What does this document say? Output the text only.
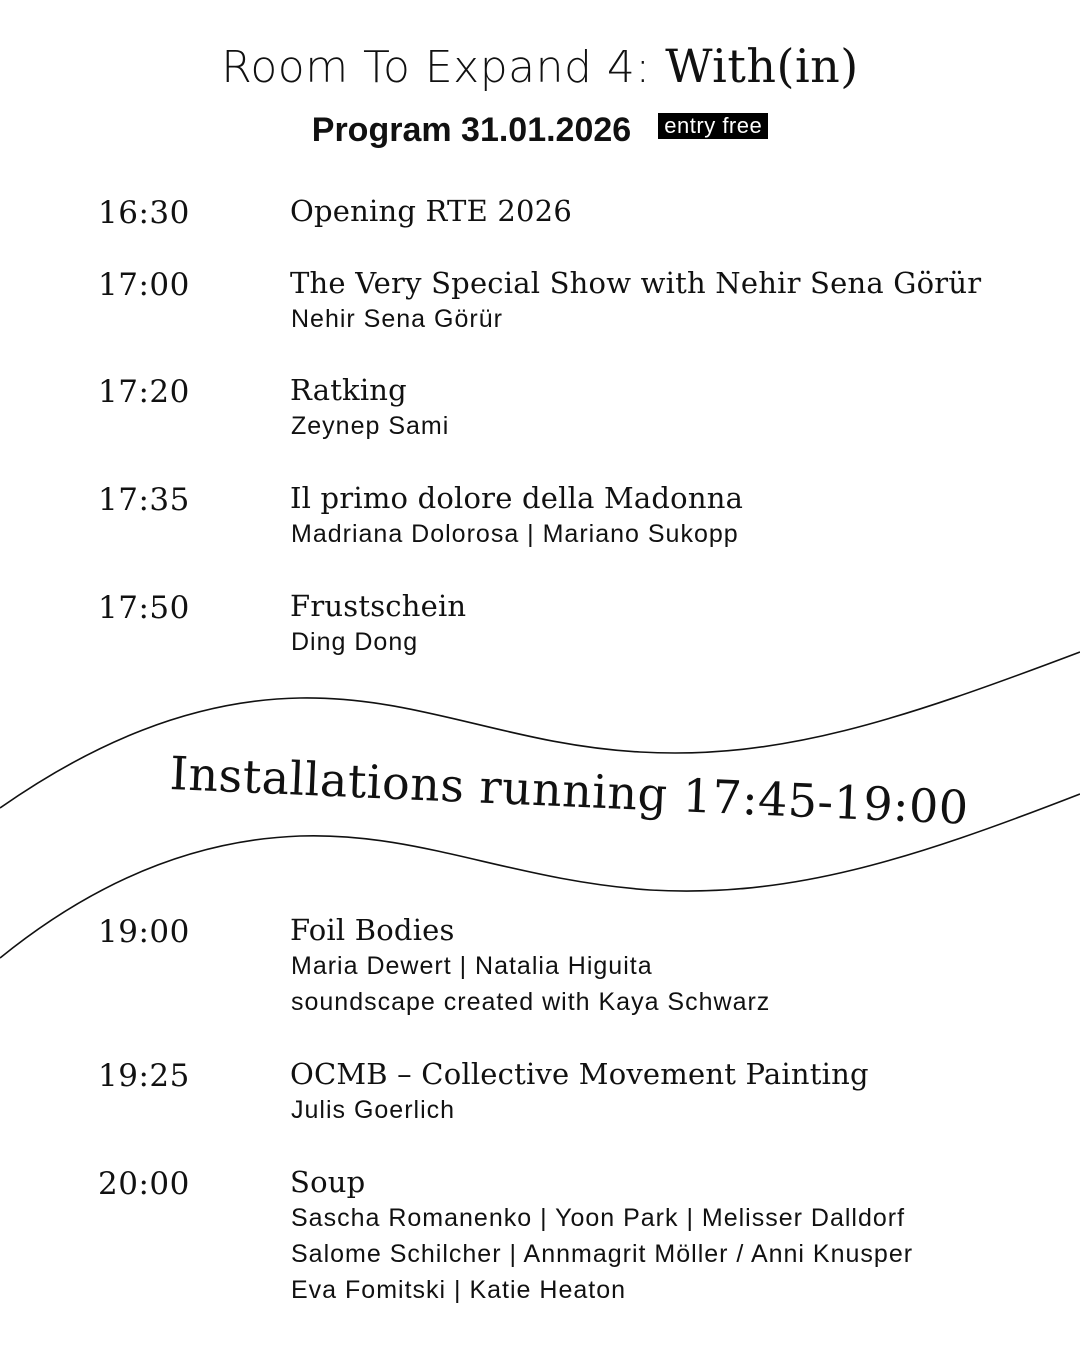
Room To Expand 4: With(in)
Program 31.01.2026 entry free
16:30	Opening RTE 2026
17:00	The Very Special Show with Nehir Sena Görür
Nehir Sena Görür
17:20	Ratking
Zeynep Sami
17:35	Il primo dolore della Madonna
Madriana Dolorosa | Mariano Sukopp
17:50	Frustschein
Ding Dong
Installations running 17:45-19:00
19:00	Foil Bodies
Maria Dewert | Natalia Higuita
soundscape created with Kaya Schwarz
19:25	OCMB – Collective Movement Painting
Julis Goerlich
20:00	Soup
Sascha Romanenko | Yoon Park | Melisser Dalldorf
Salome Schilcher | Annmagrit Möller / Anni Knusper
Eva Fomitski | Katie Heaton
